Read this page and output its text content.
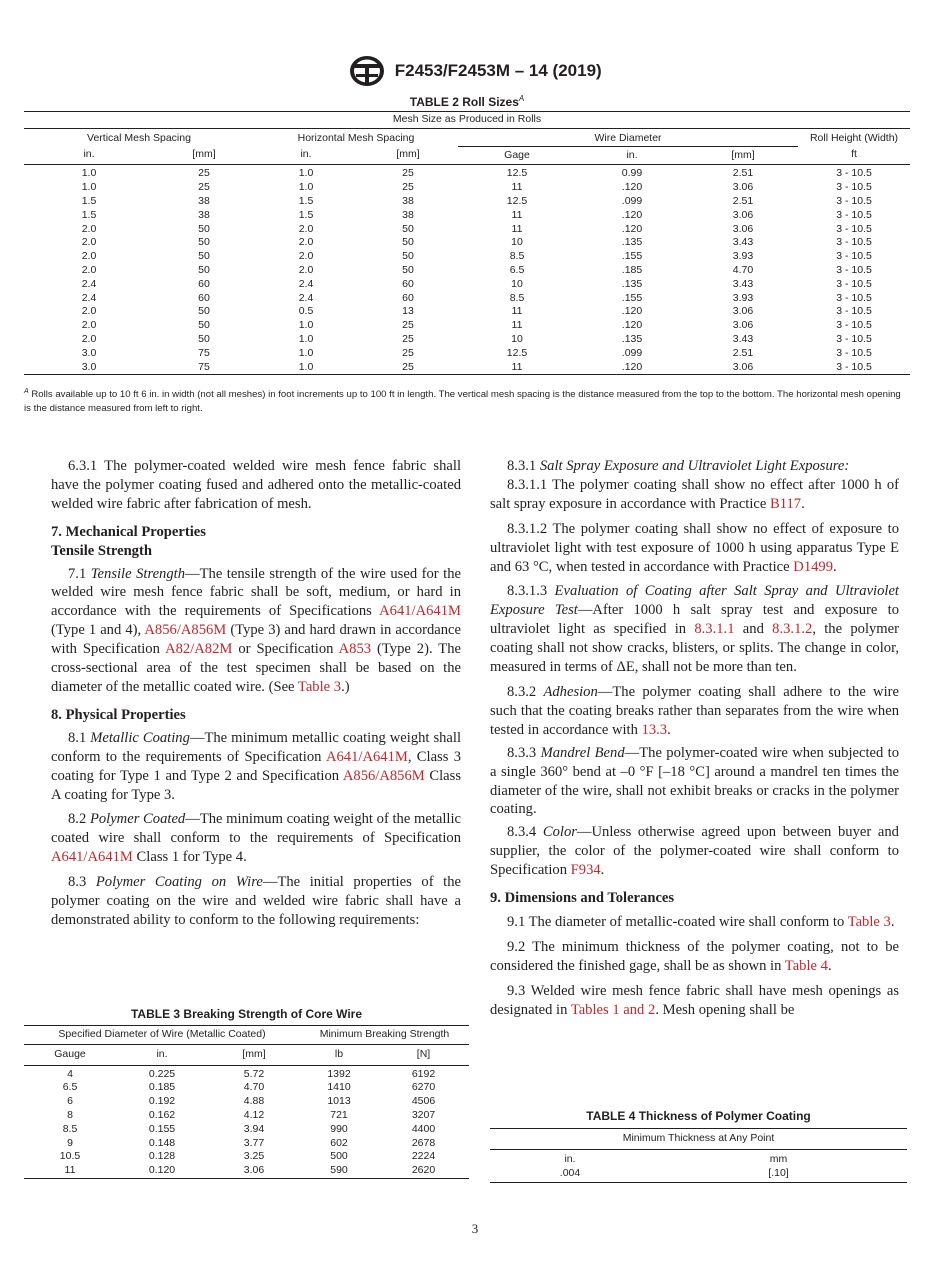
F2453/F2453M – 14 (2019)
TABLE 2 Roll Sizes$^A$
Mesh Size as Produced in Rolls							
Vertical Mesh Spacing		Horizontal Mesh Spacing		Wire Diameter			Roll Height (Width)
in.	[mm]	in.	[mm]	Gage	in.	[mm]	ft
1.0	25	1.0	25	12.5	0.99	2.51	3 - 10.5
1.0	25	1.0	25	11	.120	3.06	3 - 10.5
1.5	38	1.5	38	12.5	.099	2.51	3 - 10.5
1.5	38	1.5	38	11	.120	3.06	3 - 10.5
2.0	50	2.0	50	11	.120	3.06	3 - 10.5
2.0	50	2.0	50	10	.135	3.43	3 - 10.5
2.0	50	2.0	50	8.5	.155	3.93	3 - 10.5
2.0	50	2.0	50	6.5	.185	4.70	3 - 10.5
2.4	60	2.4	60	10	.135	3.43	3 - 10.5
2.4	60	2.4	60	8.5	.155	3.93	3 - 10.5
2.0	50	0.5	13	11	.120	3.06	3 - 10.5
2.0	50	1.0	25	11	.120	3.06	3 - 10.5
2.0	50	1.0	25	10	.135	3.43	3 - 10.5
3.0	75	1.0	25	12.5	.099	2.51	3 - 10.5
3.0	75	1.0	25	11	.120	3.06	3 - 10.5
$^A$ Rolls available up to 10 ft 6 in. in width (not all meshes) in foot increments up to 100 ft in length. The vertical mesh spacing is the distance measured from the top to the bottom. The horizontal mesh opening is the distance measured from left to right.

6.3.1 The polymer-coated welded wire mesh fence fabric shall have the polymer coating fused and adhered onto the metallic-coated welded wire fabric after fabrication of mesh.

7. Mechanical Properties

Tensile Strength

7.1 Tensile Strength—The tensile strength of the wire used for the welded wire mesh fence fabric shall be soft, medium, or hard in accordance with the requirements of Specifications A641/A641M (Type 1 and 4), A856/A856M (Type 3) and hard drawn in accordance with Specification A82/A82M or Specification A853 (Type 2). The cross-sectional area of the test specimen shall be based on the diameter of the metallic coated wire. (See Table 3.)

8. Physical Properties

8.1 Metallic Coating—The minimum metallic coating weight shall conform to the requirements of Specification A641/A641M, Class 3 coating for Type 1 and Type 2 and Specification A856/A856M Class A coating for Type 3.

8.2 Polymer Coated—The minimum coating weight of the metallic coated wire shall conform to the requirements of Specification A641/A641M Class 1 for Type 4.

8.3 Polymer Coating on Wire—The initial properties of the polymer coating on the wire and welded wire fabric shall have a demonstrated ability to conform to the following requirements:

TABLE 3 Breaking Strength of Core Wire
Specified Diameter of Wire (Metallic Coated)			Minimum Breaking Strength	
Gauge	in.	[mm]	lb	[N]
4	0.225	5.72	1392	6192
6.5	0.185	4.70	1410	6270
6	0.192	4.88	1013	4506
8	0.162	4.12	721	3207
8.5	0.155	3.94	990	4400
9	0.148	3.77	602	2678
10.5	0.128	3.25	500	2224
11	0.120	3.06	590	2620

8.3.1 Salt Spray Exposure and Ultraviolet Light Exposure:

8.3.1.1 The polymer coating shall show no effect after 1000 h of salt spray exposure in accordance with Practice B117.

8.3.1.2 The polymer coating shall show no effect of exposure to ultraviolet light with test exposure of 1000 h using apparatus Type E and 63 °C, when tested in accordance with Practice D1499.

8.3.1.3 Evaluation of Coating after Salt Spray and Ultraviolet Exposure Test—After 1000 h salt spray test and exposure to ultraviolet light as specified in 8.3.1.1 and 8.3.1.2, the polymer coating shall not show cracks, blisters, or splits. The change in color, measured in terms of ΔE, shall not be more than ten.

8.3.2 Adhesion—The polymer coating shall adhere to the wire such that the coating breaks rather than separates from the wire when tested in accordance with 13.3.

8.3.3 Mandrel Bend—The polymer-coated wire when subjected to a single 360° bend at –0 °F [–18 °C] around a mandrel ten times the diameter of the wire, shall not exhibit breaks or cracks in the polymer coating.

8.3.4 Color—Unless otherwise agreed upon between buyer and supplier, the color of the polymer-coated wire shall conform to Specification F934.

9. Dimensions and Tolerances

9.1 The diameter of metallic-coated wire shall conform to Table 3.

9.2 The minimum thickness of the polymer coating, not to be considered the finished gage, shall be as shown in Table 4.

9.3 Welded wire mesh fence fabric shall have mesh openings as designated in Tables 1 and 2. Mesh opening shall be

TABLE 4 Thickness of Polymer Coating
Minimum Thickness at Any Point	
in.	mm
.004	[.10]
3
